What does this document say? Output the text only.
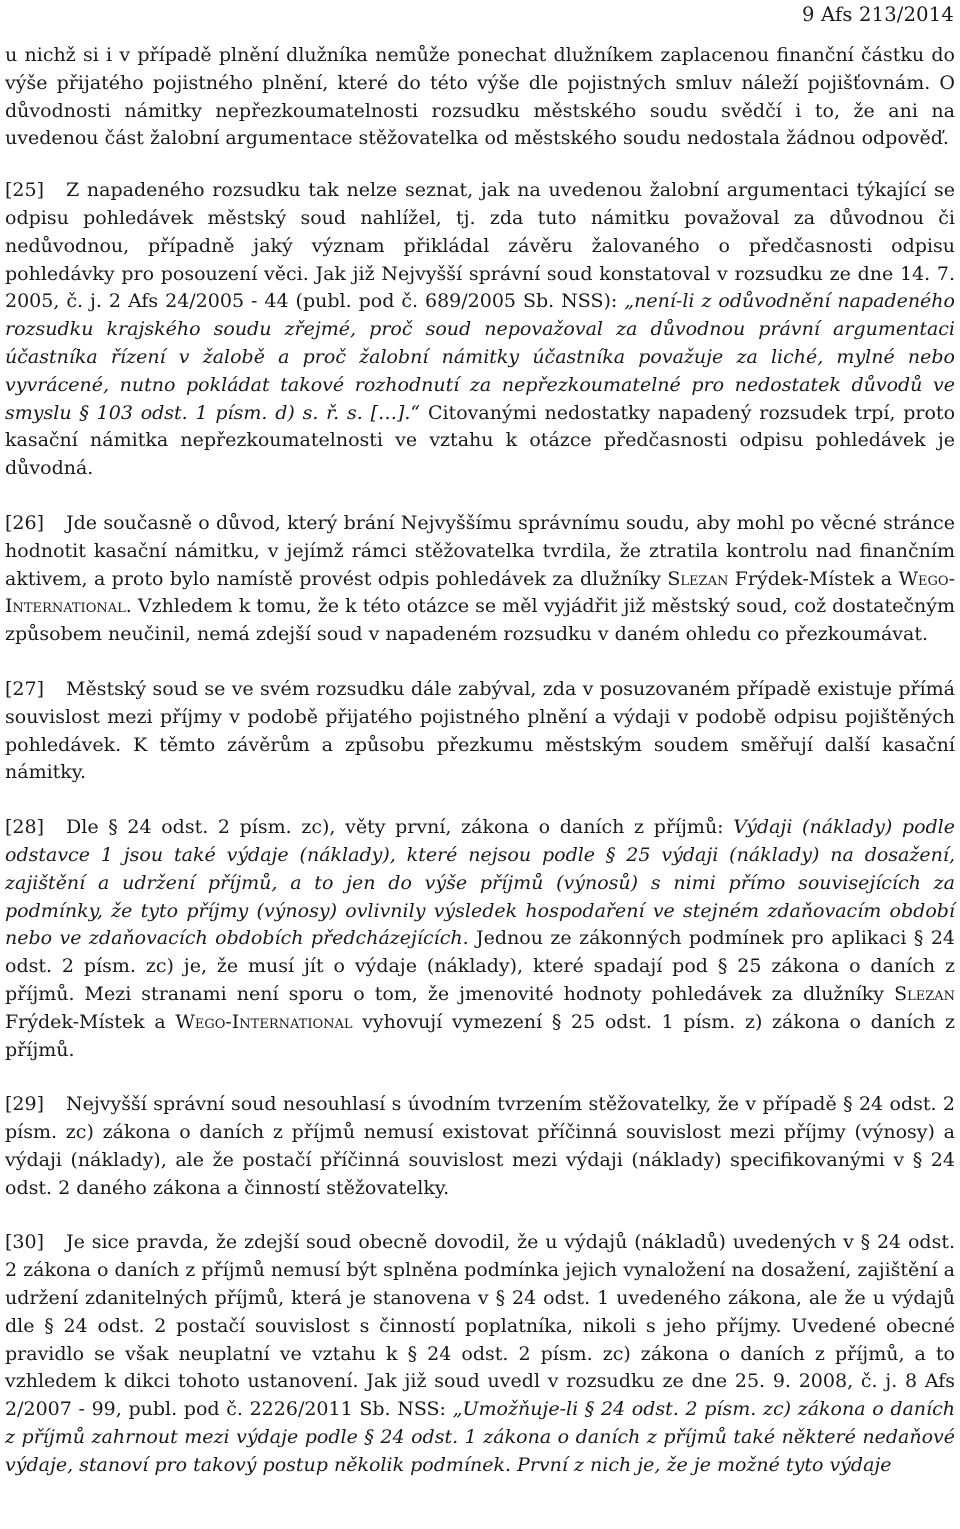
9 Afs 213/2014

u nichž si i v případě plnění dlužníka nemůže ponechat dlužníkem zaplacenou finanční částku do výše přijatého pojistného plnění, které do této výše dle pojistných smluv náleží pojišťovnám. O důvodnosti námitky nepřezkoumatelnosti rozsudku městského soudu svědčí i to, že ani na uvedenou část žalobní argumentace stěžovatelka od městského soudu nedostala žádnou odpověď.

[25] Z napadeného rozsudku tak nelze seznat, jak na uvedenou žalobní argumentaci týkající se odpisu pohledávek městský soud nahlížel, tj. zda tuto námitku považoval za důvodnou či nedůvodnou, případně jaký význam přikládal závěru žalovaného o předčasnosti odpisu pohledávky pro posouzení věci. Jak již Nejvyšší správní soud konstatoval v rozsudku ze dne 14. 7. 2005, č. j. 2 Afs 24/2005 - 44 (publ. pod č. 689/2005 Sb. NSS): „není-li z odůvodnění napadeného rozsudku krajského soudu zřejmé, proč soud nepovažoval za důvodnou právní argumentaci účastníka řízení v žalobě a proč žalobní námitky účastníka považuje za liché, mylné nebo vyvrácené, nutno pokládat takové rozhodnutí za nepřezkoumatelné pro nedostatek důvodů ve smyslu § 103 odst. 1 písm. d) s. ř. s. […].“ Citovanými nedostatky napadený rozsudek trpí, proto kasační námitka nepřezkoumatelnosti ve vztahu k otázce předčasnosti odpisu pohledávek je důvodná.

[26] Jde současně o důvod, který brání Nejvyššímu správnímu soudu, aby mohl po věcné stránce hodnotit kasační námitku, v jejímž rámci stěžovatelka tvrdila, že ztratila kontrolu nad finančním aktivem, a proto bylo namístě provést odpis pohledávek za dlužníky Slezan Frýdek-Místek a Wego-International. Vzhledem k tomu, že k této otázce se měl vyjádřit již městský soud, což dostatečným způsobem neučinil, nemá zdejší soud v napadeném rozsudku v daném ohledu co přezkoumávat.

[27] Městský soud se ve svém rozsudku dále zabýval, zda v posuzovaném případě existuje přímá souvislost mezi příjmy v podobě přijatého pojistného plnění a výdaji v podobě odpisu pojištěných pohledávek. K těmto závěrům a způsobu přezkumu městským soudem směřují další kasační námitky.

[28] Dle § 24 odst. 2 písm. zc), věty první, zákona o daních z příjmů: Výdaji (náklady) podle odstavce 1 jsou také výdaje (náklady), které nejsou podle § 25 výdaji (náklady) na dosažení, zajištění a udržení příjmů, a to jen do výše příjmů (výnosů) s nimi přímo souvisejících za podmínky, že tyto příjmy (výnosy) ovlivnily výsledek hospodaření ve stejném zdaňovacím období nebo ve zdaňovacích obdobích předcházejících. Jednou ze zákonných podmínek pro aplikaci § 24 odst. 2 písm. zc) je, že musí jít o výdaje (náklady), které spadají pod § 25 zákona o daních z příjmů. Mezi stranami není sporu o tom, že jmenovité hodnoty pohledávek za dlužníky Slezan Frýdek-Místek a Wego-International vyhovují vymezení § 25 odst. 1 písm. z) zákona o daních z příjmů.

[29] Nejvyšší správní soud nesouhlasí s úvodním tvrzením stěžovatelky, že v případě § 24 odst. 2 písm. zc) zákona o daních z příjmů nemusí existovat příčinná souvislost mezi příjmy (výnosy) a výdaji (náklady), ale že postačí příčinná souvislost mezi výdaji (náklady) specifikovanými v § 24 odst. 2 daného zákona a činností stěžovatelky.

[30] Je sice pravda, že zdejší soud obecně dovodil, že u výdajů (nákladů) uvedených v § 24 odst. 2 zákona o daních z příjmů nemusí být splněna podmínka jejich vynaložení na dosažení, zajištění a udržení zdanitelných příjmů, která je stanovena v § 24 odst. 1 uvedeného zákona, ale že u výdajů dle § 24 odst. 2 postačí souvislost s činností poplatníka, nikoli s jeho příjmy. Uvedené obecné pravidlo se však neuplatní ve vztahu k § 24 odst. 2 písm. zc) zákona o daních z příjmů, a to vzhledem k dikci tohoto ustanovení. Jak již soud uvedl v rozsudku ze dne 25. 9. 2008, č. j. 8 Afs 2/2007 - 99, publ. pod č. 2226/2011 Sb. NSS: „Umožňuje-li § 24 odst. 2 písm. zc) zákona o daních z příjmů zahrnout mezi výdaje podle § 24 odst. 1 zákona o daních z příjmů také některé nedaňové výdaje, stanoví pro takový postup několik podmínek. První z nich je, že je možné tyto výdaje
